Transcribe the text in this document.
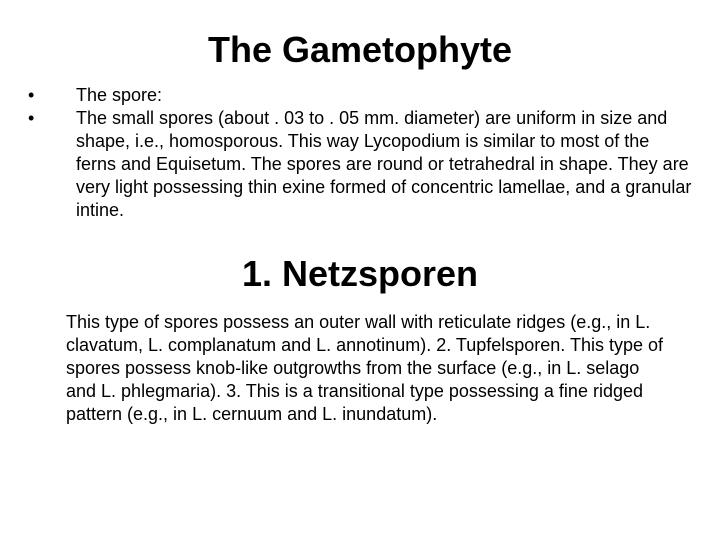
The Gametophyte
•	The spore:
•	The small spores (about . 03 to . 05 mm. diameter) are uniform in size and shape, i.e., homosporous. This way Lycopodium is similar to most of the ferns and Equisetum. The spores are round or tetrahedral in shape. They are very light possessing thin exine formed of concentric lamellae, and a granular intine.
1. Netzsporen

This type of spores possess an outer wall with reticulate ridges (e.g., in L. clavatum, L. complanatum and L. annotinum). 2. Tupfelsporen. This type of spores possess knob-like outgrowths from the surface (e.g., in L. selago and L. phlegmaria). 3. This is a transitional type possessing a fine ridged pattern (e.g., in L. cernuum and L. inundatum).
